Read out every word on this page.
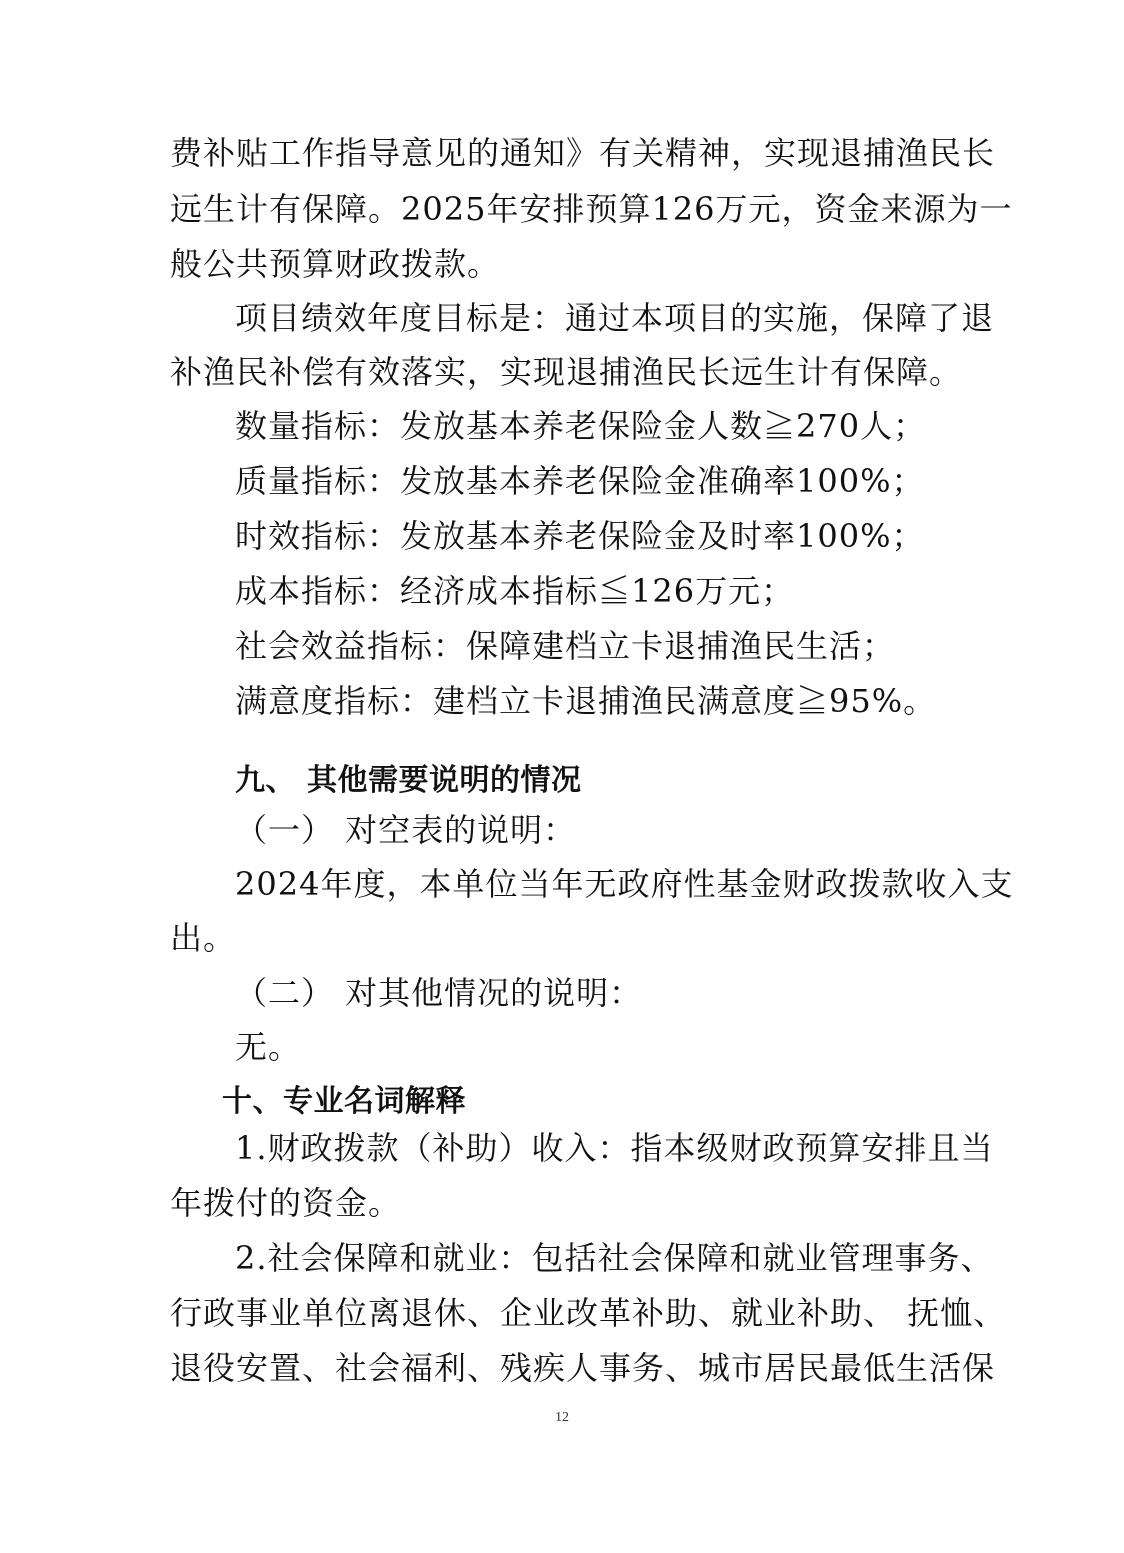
费补贴工作指导意见的通知》有关精神，实现退捕渔民长
远生计有保障。2025年安排预算126万元，资金来源为一
般公共预算财政拨款。
项目绩效年度目标是：通过本项目的实施，保障了退
补渔民补偿有效落实，实现退捕渔民长远生计有保障。
数量指标：发放基本养老保险金人数≧270人；
质量指标：发放基本养老保险金准确率100%；
时效指标：发放基本养老保险金及时率100%；
成本指标：经济成本指标≦126万元；
社会效益指标：保障建档立卡退捕渔民生活；
满意度指标：建档立卡退捕渔民满意度≧95%。
九、 其他需要说明的情况
（一） 对空表的说明：
2024年度，本单位当年无政府性基金财政拨款收入支
出。
（二） 对其他情况的说明：
无。
十、专业名词解释
1.财政拨款（补助）收入：指本级财政预算安排且当
年拨付的资金。
2.社会保障和就业：包括社会保障和就业管理事务、
行政事业单位离退休、企业改革补助、就业补助、 抚恤、
退役安置、社会福利、残疾人事务、城市居民最低生活保
12
